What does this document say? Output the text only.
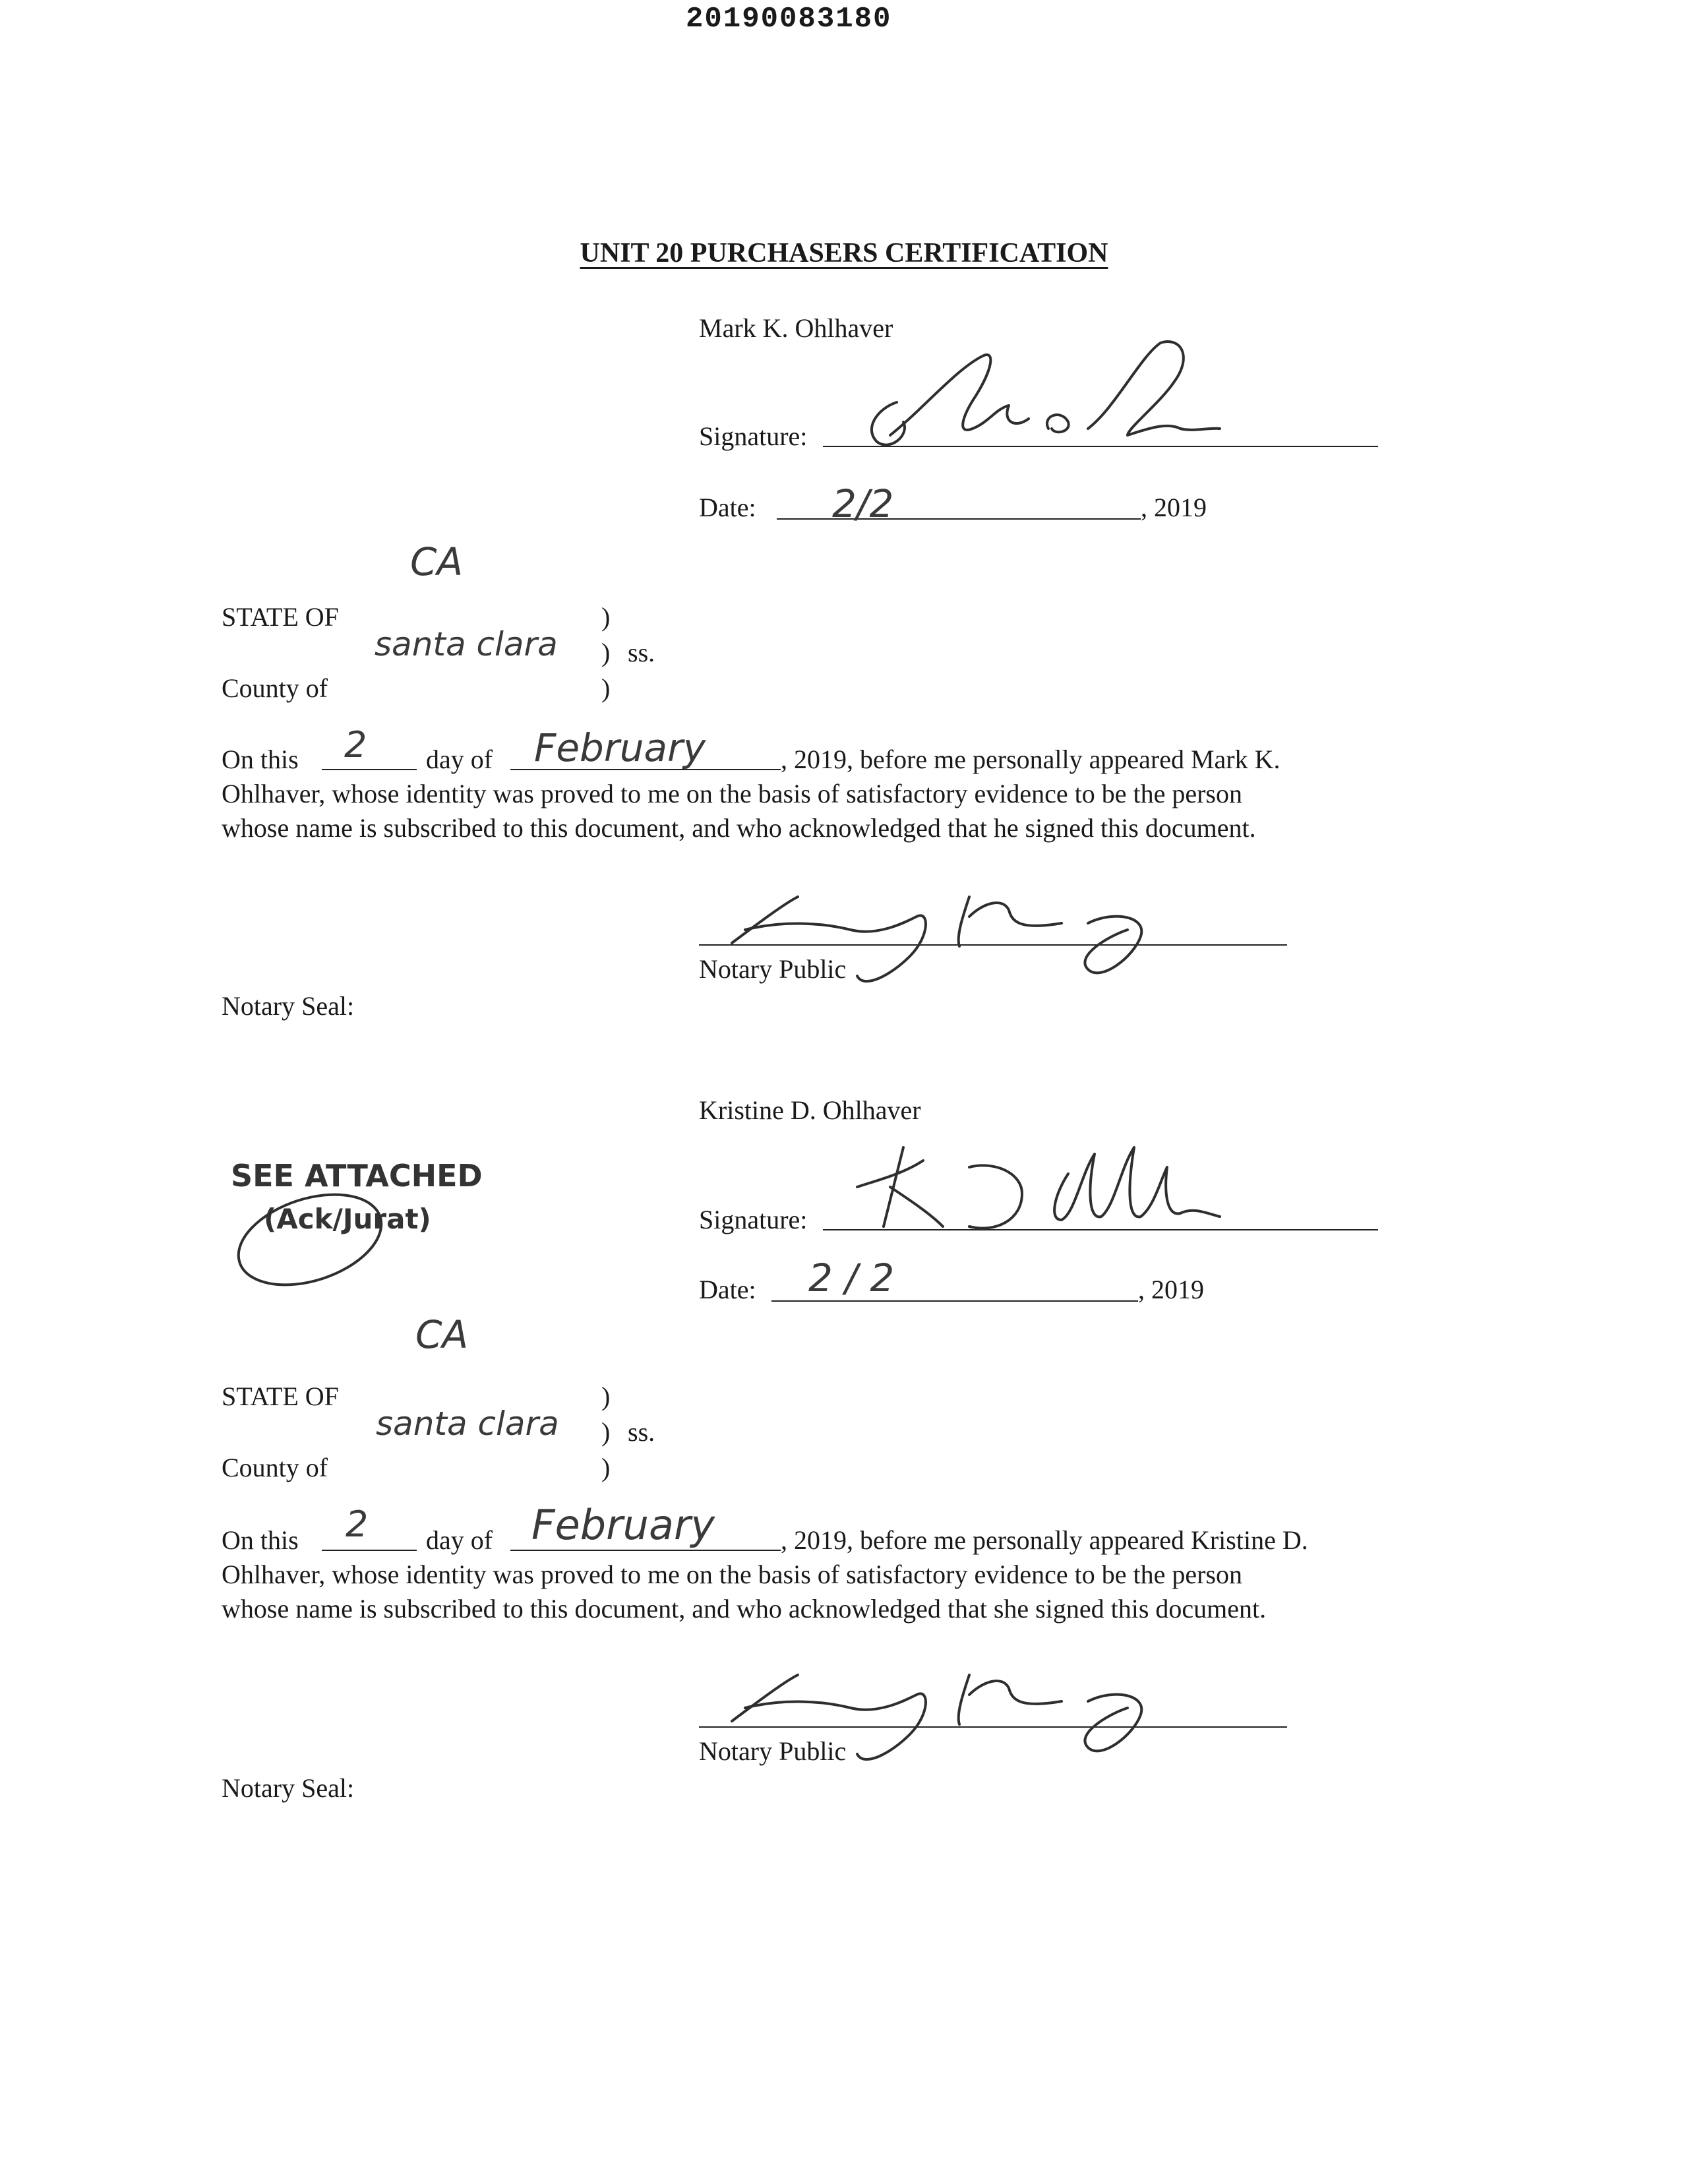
20190083180
UNIT 20 PURCHASERS CERTIFICATION
Mark K. Ohlhaver
Signature:
Date: 2/2	, 2019
CA
STATE OF	)
santa clara ) ss.
County of	)
On this 2 day of February	, 2019, before me personally appeared Mark K.
Ohlhaver, whose identity was proved to me on the basis of satisfactory evidence to be the person
whose name is subscribed to this document, and who acknowledged that he signed this document.
Notary Public
Notary Seal:
Kristine D. Ohlhaver
SEE ATTACHED
(Ack/Jurat)	Signature:
Date: 2 / 2	, 2019
CA
STATE OF	)
santa clara ) ss.
County of	)
On this 2 day of February , 2019, before me personally appeared Kristine D.
Ohlhaver, whose identity was proved to me on the basis of satisfactory evidence to be the person
whose name is subscribed to this document, and who acknowledged that she signed this document.
Notary Public
Notary Seal:
